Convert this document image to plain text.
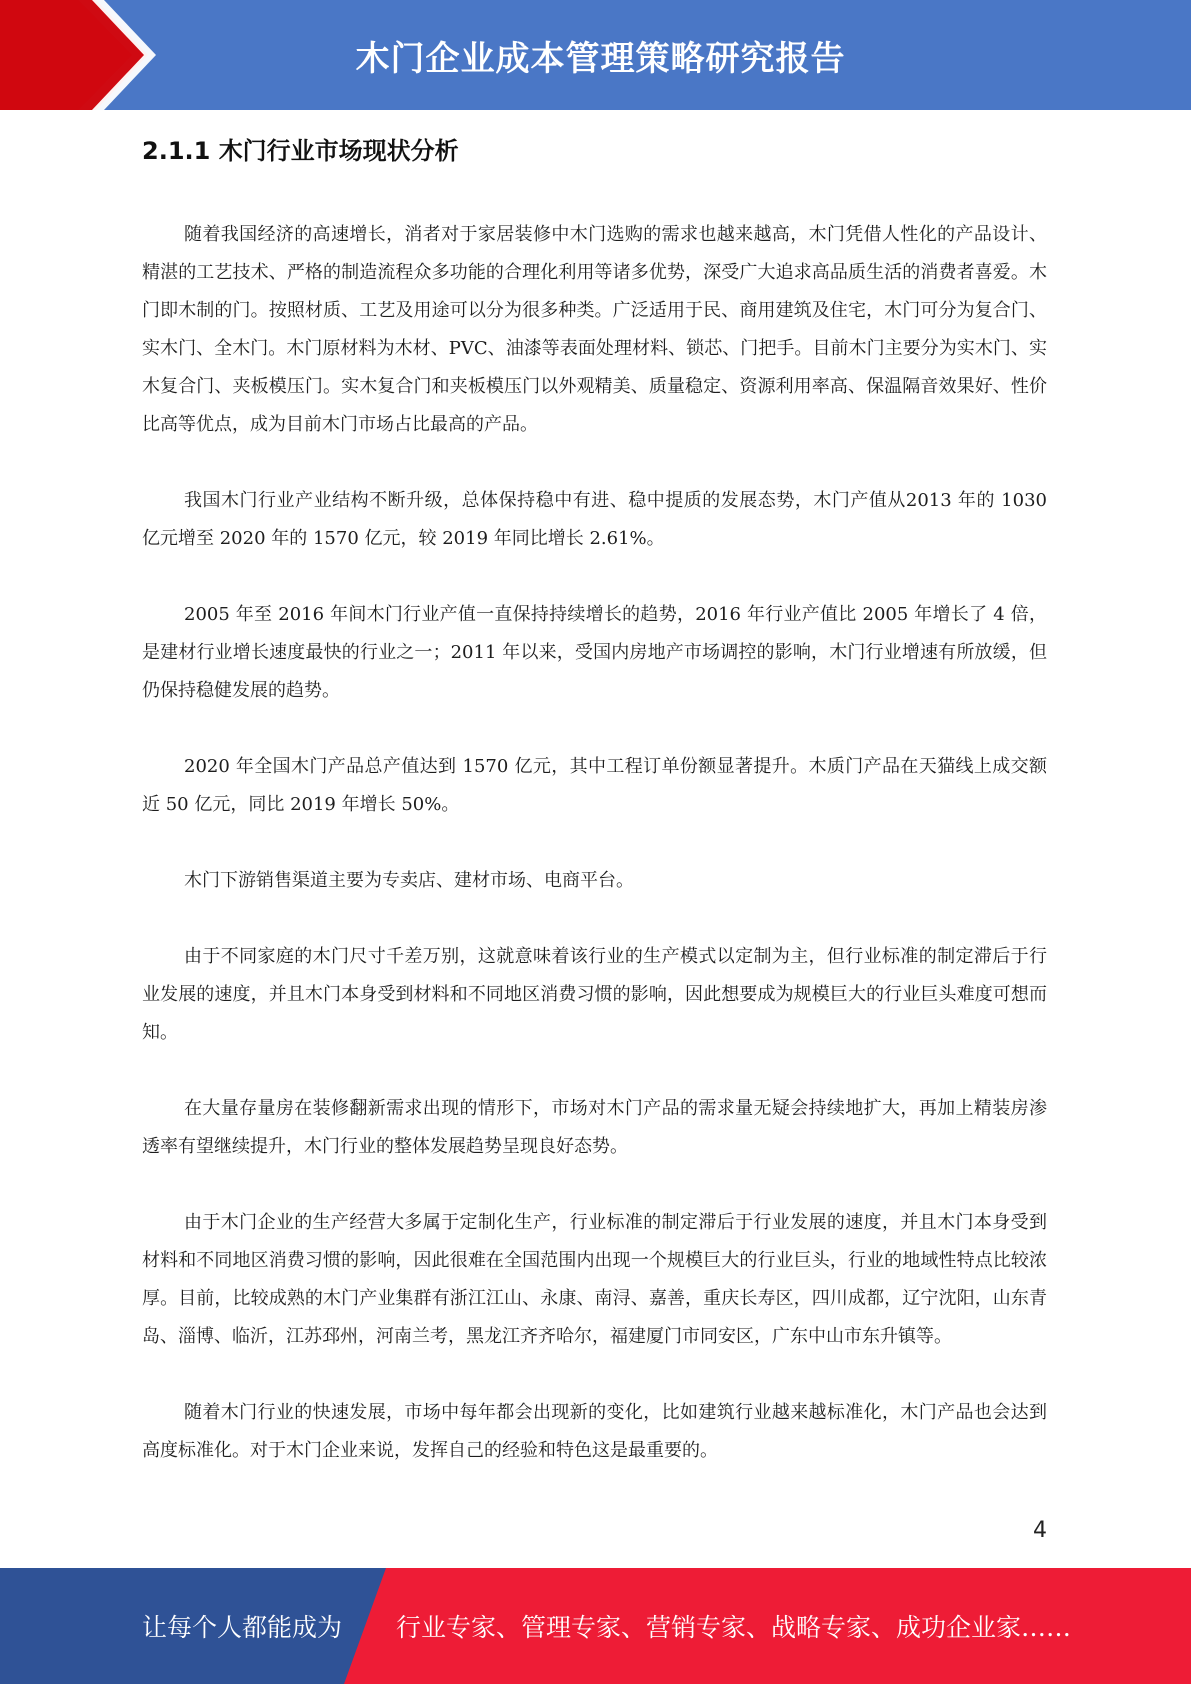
木门企业成本管理策略研究报告
2.1.1 木门行业市场现状分析

随着我国经济的高速增长，消者对于家居装修中木门选购的需求也越来越高，木门凭借人性化的产品设计、精湛的工艺技术、严格的制造流程众多功能的合理化利用等诸多优势，深受广大追求高品质生活的消费者喜爱。木门即木制的门。按照材质、工艺及用途可以分为很多种类。广泛适用于民、商用建筑及住宅，木门可分为复合门、实木门、全木门。木门原材料为木材、PVC、油漆等表面处理材料、锁芯、门把手。目前木门主要分为实木门、实木复合门、夹板模压门。实木复合门和夹板模压门以外观精美、质量稳定、资源利用率高、保温隔音效果好、性价比高等优点，成为目前木门市场占比最高的产品。

我国木门行业产业结构不断升级，总体保持稳中有进、稳中提质的发展态势，木门产值从2013 年的 1030 亿元增至 2020 年的 1570 亿元，较 2019 年同比增长 2.61%。

2005 年至 2016 年间木门行业产值一直保持持续增长的趋势，2016 年行业产值比 2005 年增长了 4 倍，是建材行业增长速度最快的行业之一；2011 年以来，受国内房地产市场调控的影响，木门行业增速有所放缓，但仍保持稳健发展的趋势。

2020 年全国木门产品总产值达到 1570 亿元，其中工程订单份额显著提升。木质门产品在天猫线上成交额近 50 亿元，同比 2019 年增长 50%。

木门下游销售渠道主要为专卖店、建材市场、电商平台。

由于不同家庭的木门尺寸千差万别，这就意味着该行业的生产模式以定制为主，但行业标准的制定滞后于行业发展的速度，并且木门本身受到材料和不同地区消费习惯的影响，因此想要成为规模巨大的行业巨头难度可想而知。

在大量存量房在装修翻新需求出现的情形下，市场对木门产品的需求量无疑会持续地扩大，再加上精装房渗透率有望继续提升，木门行业的整体发展趋势呈现良好态势。

由于木门企业的生产经营大多属于定制化生产，行业标准的制定滞后于行业发展的速度，并且木门本身受到材料和不同地区消费习惯的影响，因此很难在全国范围内出现一个规模巨大的行业巨头，行业的地域性特点比较浓厚。目前，比较成熟的木门产业集群有浙江江山、永康、南浔、嘉善，重庆长寿区，四川成都，辽宁沈阳，山东青岛、淄博、临沂，江苏邳州，河南兰考，黑龙江齐齐哈尔，福建厦门市同安区，广东中山市东升镇等。

随着木门行业的快速发展，市场中每年都会出现新的变化，比如建筑行业越来越标准化，木门产品也会达到高度标准化。对于木门企业来说，发挥自己的经验和特色这是最重要的。

4
让每个人都能成为 行业专家、管理专家、营销专家、战略专家、成功企业家……
